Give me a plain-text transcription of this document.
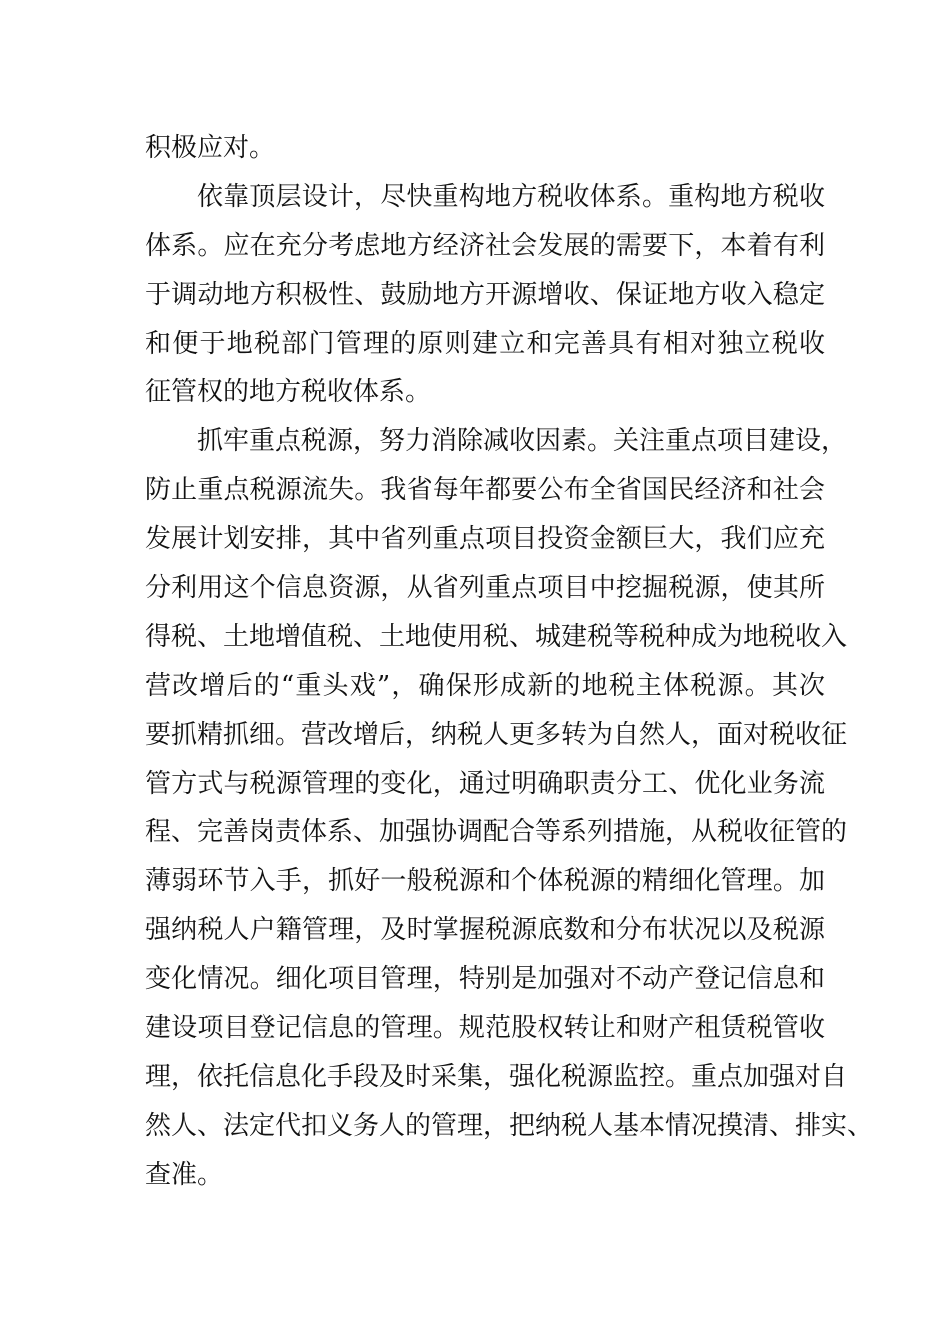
积极应对。
依靠顶层设计，尽快重构地方税收体系。重构地方税收
体系。应在充分考虑地方经济社会发展的需要下，本着有利
于调动地方积极性、鼓励地方开源增收、保证地方收入稳定
和便于地税部门管理的原则建立和完善具有相对独立税收
征管权的地方税收体系。
抓牢重点税源，努力消除减收因素。关注重点项目建设，
防止重点税源流失。我省每年都要公布全省国民经济和社会
发展计划安排，其中省列重点项目投资金额巨大，我们应充
分利用这个信息资源，从省列重点项目中挖掘税源，使其所
得税、土地增值税、土地使用税、城建税等税种成为地税收入
营改增后的“重头戏”，确保形成新的地税主体税源。其次
要抓精抓细。营改增后，纳税人更多转为自然人，面对税收征
管方式与税源管理的变化，通过明确职责分工、优化业务流
程、完善岗责体系、加强协调配合等系列措施，从税收征管的
薄弱环节入手，抓好一般税源和个体税源的精细化管理。加
强纳税人户籍管理，及时掌握税源底数和分布状况以及税源
变化情况。细化项目管理，特别是加强对不动产登记信息和
建设项目登记信息的管理。规范股权转让和财产租赁税管收
理，依托信息化手段及时采集，强化税源监控。重点加强对自
然人、法定代扣义务人的管理，把纳税人基本情况摸清、排实、
查准。
